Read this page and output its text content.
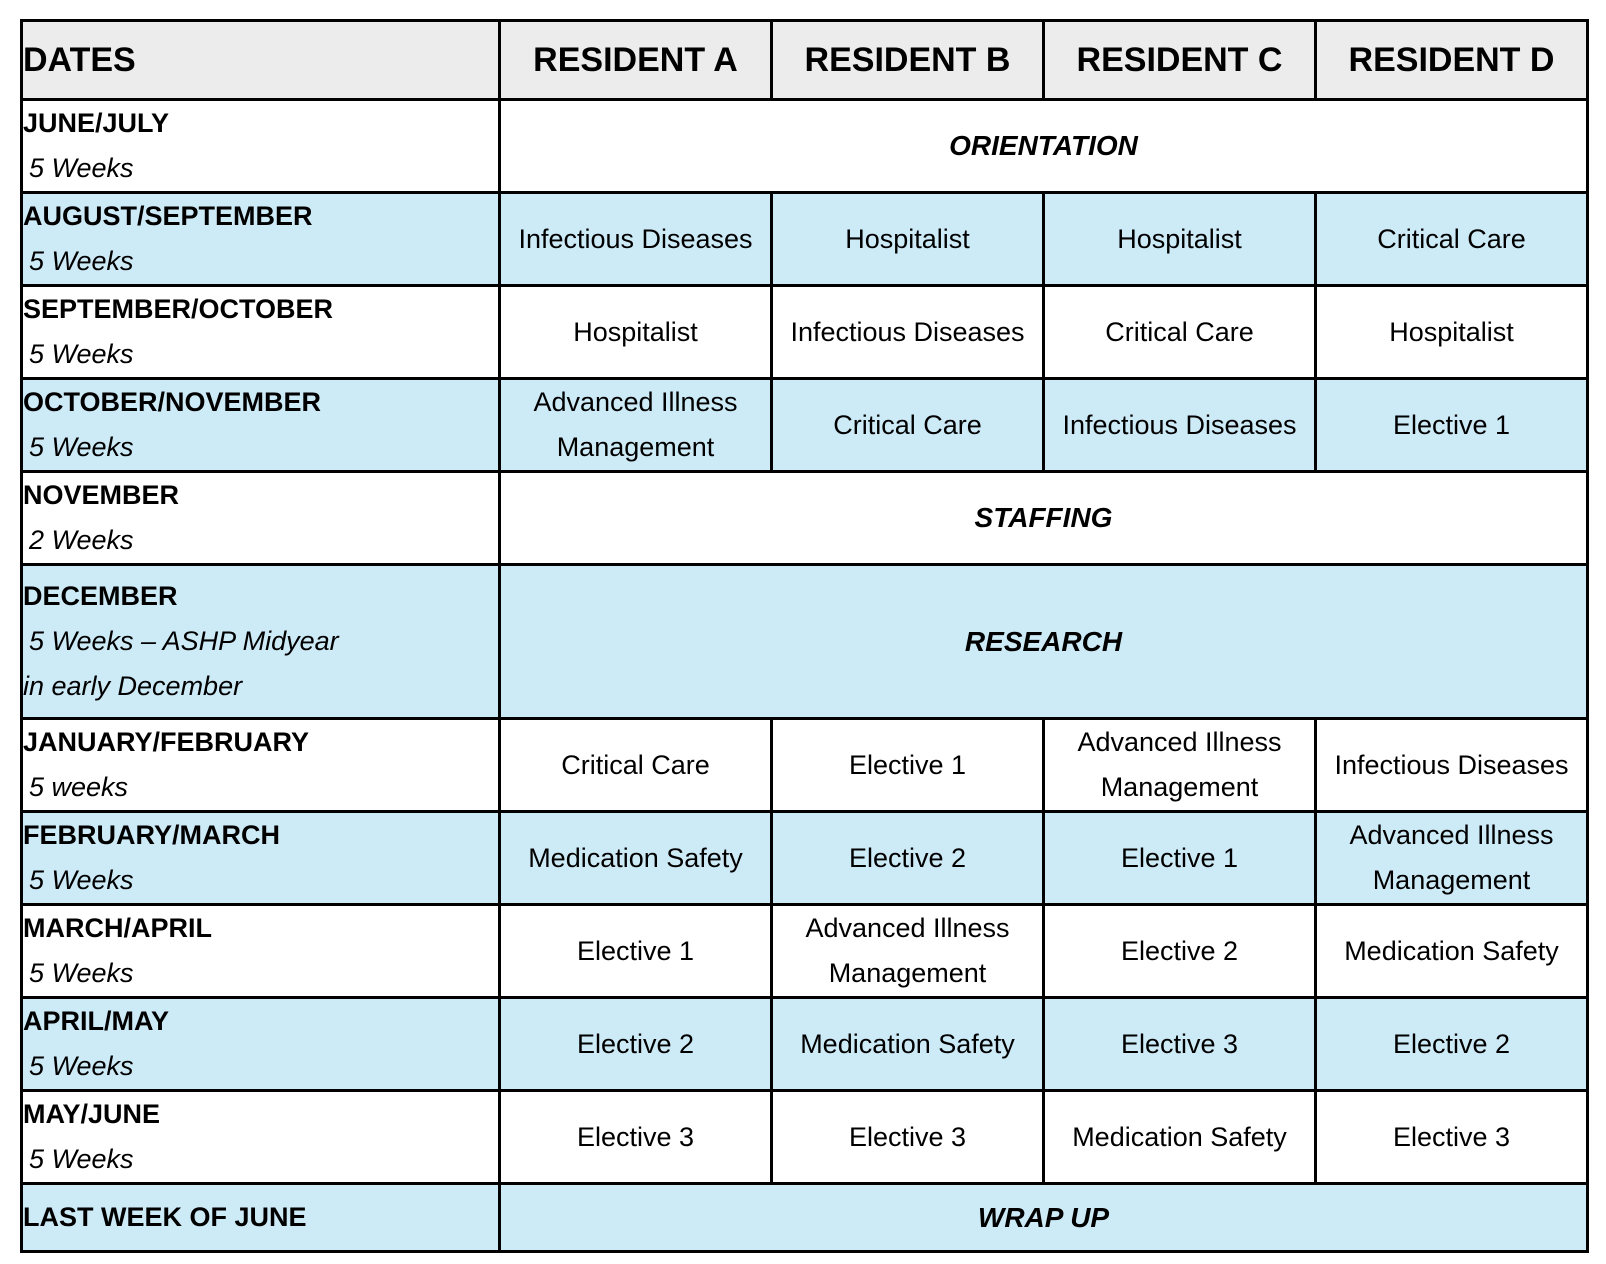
DATES	RESIDENT A	RESIDENT B	RESIDENT C	RESIDENT D

JUNE/JULY
5 Weeks	ORIENTATION			

AUGUST/SEPTEMBER
5 Weeks	Infectious Diseases	Hospitalist	Hospitalist	Critical Care

SEPTEMBER/OCTOBER
5 Weeks	Hospitalist	Infectious Diseases	Critical Care	Hospitalist

OCTOBER/NOVEMBER
5 Weeks	Advanced Illness Management	Critical Care	Infectious Diseases	Elective 1

NOVEMBER
2 Weeks	STAFFING			

DECEMBER
5 Weeks – ASHP Midyear
in early December	RESEARCH			

JANUARY/FEBRUARY
5 weeks	Critical Care	Elective 1	Advanced Illness Management	Infectious Diseases

FEBRUARY/MARCH
5 Weeks	Medication Safety	Elective 2	Elective 1	Advanced Illness Management

MARCH/APRIL
5 Weeks	Elective 1	Advanced Illness Management	Elective 2	Medication Safety

APRIL/MAY
5 Weeks	Elective 2	Medication Safety	Elective 3	Elective 2

MAY/JUNE
5 Weeks	Elective 3	Elective 3	Medication Safety	Elective 3

LAST WEEK OF JUNE	WRAP UP			
